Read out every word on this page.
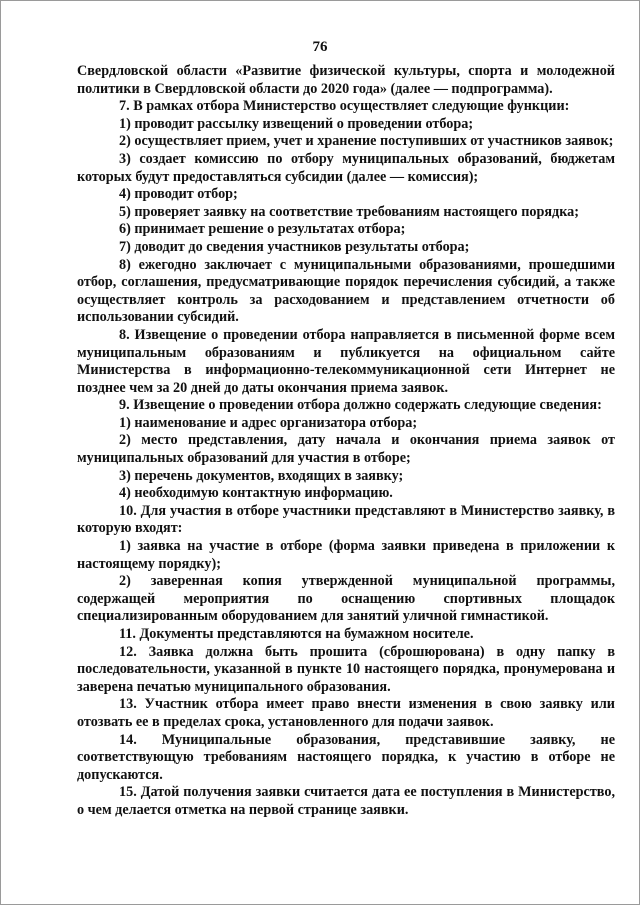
76

Свердловской области «Развитие физической культуры, спорта и молодежной политики в Свердловской области до 2020 года» (далее — подпрограмма).

7. В рамках отбора Министерство осуществляет следующие функции:

1) проводит рассылку извещений о проведении отбора;

2) осуществляет прием, учет и хранение поступивших от участников заявок;

3) создает комиссию по отбору муниципальных образований, бюджетам которых будут предоставляться субсидии (далее — комиссия);

4) проводит отбор;

5) проверяет заявку на соответствие требованиям настоящего порядка;

6) принимает решение о результатах отбора;

7) доводит до сведения участников результаты отбора;

8) ежегодно заключает с муниципальными образованиями, прошедшими отбор, соглашения, предусматривающие порядок перечисления субсидий, а также осуществляет контроль за расходованием и представлением отчетности об использовании субсидий.

8. Извещение о проведении отбора направляется в письменной форме всем муниципальным образованиям и публикуется на официальном сайте Министерства в информационно-телекоммуникационной сети Интернет не позднее чем за 20 дней до даты окончания приема заявок.

9. Извещение о проведении отбора должно содержать следующие сведения:

1) наименование и адрес организатора отбора;

2) место представления, дату начала и окончания приема заявок от муниципальных образований для участия в отборе;

3) перечень документов, входящих в заявку;

4) необходимую контактную информацию.

10. Для участия в отборе участники представляют в Министерство заявку, в которую входят:

1) заявка на участие в отборе (форма заявки приведена в приложении к настоящему порядку);

2) заверенная копия утвержденной муниципальной программы, содержащей мероприятия по оснащению спортивных площадок специализированным оборудованием для занятий уличной гимнастикой.

11. Документы представляются на бумажном носителе.

12. Заявка должна быть прошита (сброшюрована) в одну папку в последовательности, указанной в пункте 10 настоящего порядка, пронумерована и заверена печатью муниципального образования.

13. Участник отбора имеет право внести изменения в свою заявку или отозвать ее в пределах срока, установленного для подачи заявок.

14. Муниципальные образования, представившие заявку, не соответствующую требованиям настоящего порядка, к участию в отборе не допускаются.

15. Датой получения заявки считается дата ее поступления в Министерство, о чем делается отметка на первой странице заявки.
